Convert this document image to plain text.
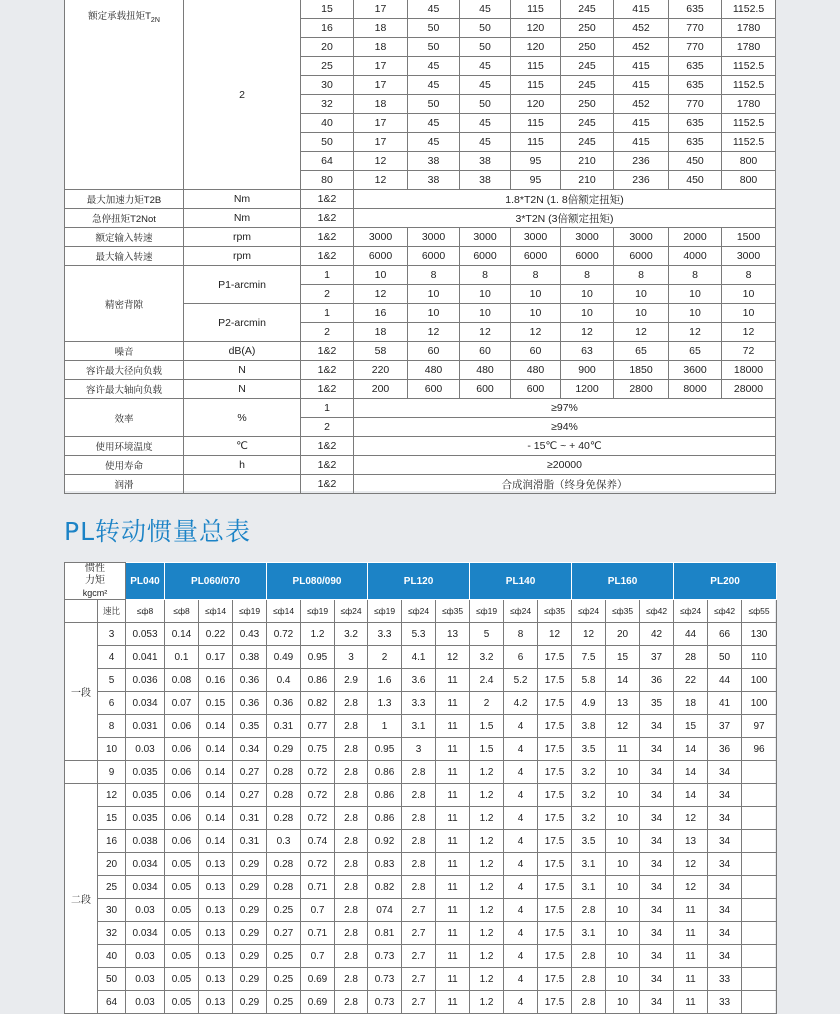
额定承载扭矩$T_{2N}$	2	15	17	45	45	115	245	415	635	1152.5
		16	18	50	50	120	250	452	770	1780
		20	18	50	50	120	250	452	770	1780
		25	17	45	45	115	245	415	635	1152.5
		30	17	45	45	115	245	415	635	1152.5
		32	18	50	50	120	250	452	770	1780
		40	17	45	45	115	245	415	635	1152.5
		50	17	45	45	115	245	415	635	1152.5
		64	12	38	38	95	210	236	450	800
		80	12	38	38	95	210	236	450	800
最大加速力矩T2B	Nm	1&2	1.8*T2N (1. 8倍额定扭矩)							
急停扭矩T2Not	Nm	1&2	3*T2N (3倍额定扭矩)							
额定输入转速	rpm	1&2	3000	3000	3000	3000	3000	3000	2000	1500
最大输入转速	rpm	1&2	6000	6000	6000	6000	6000	6000	4000	3000
精密背隙	P1-arcmin	1	10	8	8	8	8	8	8	8
		2	12	10	10	10	10	10	10	10
	P2-arcmin	1	16	10	10	10	10	10	10	10
		2	18	12	12	12	12	12	12	12
噪音	dB(A)	1&2	58	60	60	60	63	65	65	72
容许最大径向负载	N	1&2	220	480	480	480	900	1850	3600	18000
容许最大轴向负载	N	1&2	200	600	600	600	1200	2800	8000	28000
效率	%	1	≥97%							
		2	≥94%							
使用环境温度	℃	1&2	- 15℃ ~ + 40℃							
使用寿命	h	1&2	≥20000							
润滑		1&2	合成润滑脂（终身免保养）							
PL转动惯量总表
惯性
力矩
kgcm²		PL040	PL060/070			PL080/090			PL120			PL140			PL160			PL200		
	速比	≤ф8	≤ф8	≤ф14	≤ф19	≤ф14	≤ф19	≤ф24	≤ф19	≤ф24	≤ф35	≤ф19	≤ф24	≤ф35	≤ф24	≤ф35	≤ф42	≤ф24	≤ф42	≤ф55
一段	3	0.053	0.14	0.22	0.43	0.72	1.2	3.2	3.3	5.3	13	5	8	12	12	20	42	44	66	130
	4	0.041	0.1	0.17	0.38	0.49	0.95	3	2	4.1	12	3.2	6	17.5	7.5	15	37	28	50	110
	5	0.036	0.08	0.16	0.36	0.4	0.86	2.9	1.6	3.6	11	2.4	5.2	17.5	5.8	14	36	22	44	100
	6	0.034	0.07	0.15	0.36	0.36	0.82	2.8	1.3	3.3	11	2	4.2	17.5	4.9	13	35	18	41	100
	8	0.031	0.06	0.14	0.35	0.31	0.77	2.8	1	3.1	11	1.5	4	17.5	3.8	12	34	15	37	97
	10	0.03	0.06	0.14	0.34	0.29	0.75	2.8	0.95	3	11	1.5	4	17.5	3.5	11	34	14	36	96
	9	0.035	0.06	0.14	0.27	0.28	0.72	2.8	0.86	2.8	11	1.2	4	17.5	3.2	10	34	14	34	
二段	12	0.035	0.06	0.14	0.27	0.28	0.72	2.8	0.86	2.8	11	1.2	4	17.5	3.2	10	34	14	34	
	15	0.035	0.06	0.14	0.31	0.28	0.72	2.8	0.86	2.8	11	1.2	4	17.5	3.2	10	34	12	34	
	16	0.038	0.06	0.14	0.31	0.3	0.74	2.8	0.92	2.8	11	1.2	4	17.5	3.5	10	34	13	34	
	20	0.034	0.05	0.13	0.29	0.28	0.72	2.8	0.83	2.8	11	1.2	4	17.5	3.1	10	34	12	34	
	25	0.034	0.05	0.13	0.29	0.28	0.71	2.8	0.82	2.8	11	1.2	4	17.5	3.1	10	34	12	34	
	30	0.03	0.05	0.13	0.29	0.25	0.7	2.8	074	2.7	11	1.2	4	17.5	2.8	10	34	11	34	
	32	0.034	0.05	0.13	0.29	0.27	0.71	2.8	0.81	2.7	11	1.2	4	17.5	3.1	10	34	11	34	
	40	0.03	0.05	0.13	0.29	0.25	0.7	2.8	0.73	2.7	11	1.2	4	17.5	2.8	10	34	11	34	
	50	0.03	0.05	0.13	0.29	0.25	0.69	2.8	0.73	2.7	11	1.2	4	17.5	2.8	10	34	11	33	
	64	0.03	0.05	0.13	0.29	0.25	0.69	2.8	0.73	2.7	11	1.2	4	17.5	2.8	10	34	11	33	
